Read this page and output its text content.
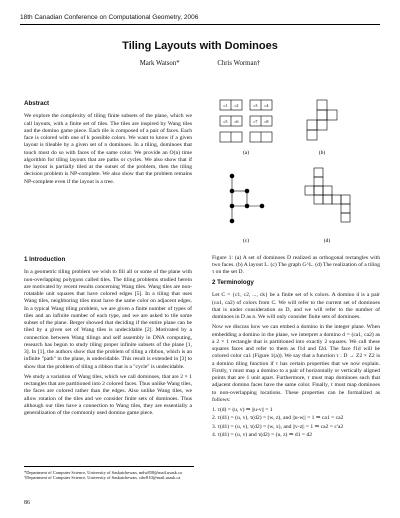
18th Canadian Conference on Computational Geometry, 2006
Tiling Layouts with Dominoes
Mark Watson*	Chris Worman†
Abstract

We explore the complexity of tiling finite subsets of the plane, which we call layouts, with a finite set of tiles. The tiles are inspired by Wang tiles and the domino game piece. Each tile is composed of a pair of faces. Each face is colored with one of k possible colors. We want to know if a given layout is tileable by a given set of n dominoes. In a tiling, dominoes that touch must do so with faces of the same color. We provide an O(n) time algorithm for tiling layouts that are paths or cycles. We also show that if the layout is partially tiled at the outset of the problem, then the tiling decision problem is NP-complete. We also show that the problem remains NP-complete even if the layout is a tree.

1 Introduction

In a geometric tiling problem we wish to fill all or some of the plane with non-overlapping polygons called tiles. The tiling problems studied herein are motivated by recent results concerning Wang tiles. Wang tiles are non-rotatable unit squares that have colored edges [5]. In a tiling that uses Wang tiles, neighboring tiles must have the same color on adjacent edges. In a typical Wang tiling problem, we are given a finite number of types of tiles and an infinite number of each type, and we are asked to tile some subset of the plane. Berger showed that deciding if the entire plane can be tiled by a given set of Wang tiles is undecidable [2]. Motivated by a connection between Wang tilings and self assembly in DNA computing, research has begun to study tiling proper infinite subsets of the plane [1, 3]. In [1], the authors show that the problem of tiling a ribbon, which is an infinite "path" in the plane, is undecidable. This result is extended in [3] to show that the problem of tiling a ribbon that is a "cycle" is undecidable.

We study a variation of Wang tiles, which we call dominoes, that are 2 × 1 rectangles that are partitioned into 2 colored faces. Thus unlike Wang tiles, the faces are colored rather than the edges. Also unlike Wang tiles, we allow rotation of the tiles and we consider finite sets of dominoes. Thus although our tiles have a connection to Wang tiles, they are essentially a generalization of the commonly used domino game piece.

*Department of Computer Science, University of Saskatchewan, mdw858@mail.usask.ca
†Department of Computer Science, University of Saskatchewan, cdw810@mail.usask.ca
86
(a)	(b)
(c)	(d)
c1 c2	c3 c4
c5 c6	c7 c8
Figure 1: (a) A set of dominoes D realized as orthogonal rectangles with two faces. (b) A layout L. (c) The graph G^L. (d) The realization of a tiling τ on the set D.
2 Terminology

Let C = {c1, c2, ..., ck} be a finite set of k colors. A domino d is a pair (ca1, ca2) of colors from C. We will refer to the current set of dominoes that is under consideration as D, and we will refer to the number of dominoes in D as n. We will only consider finite sets of dominoes.

Now we discuss how we can embed a domino in the integer plane. When embedding a domino in the plane, we interpret a domino d = (ca1, ca2) as a 2 × 1 rectangle that is partitioned into exactly 2 squares. We call these squares faces and refer to them as f1d and f2d. The face f1d will be colored color ca1 (Figure 1(a)). We say that a function τ : D → Z2 × Z2 is a domino tiling function if τ has certain properties that we now explain. Firstly, τ must map a domino to a pair of horizontally or vertically aligned points that are 1 unit apart. Furthermore, τ must map dominoes such that adjacent domino faces have the same color. Finally, τ must map dominoes to non-overlapping locations. These properties can be formalized as follows:

1. τ(d) = (u, v) ⇒ ||u-v|| = 1
2. τ(d1) = (u, v), τ(d2) = (w, z), and ||u-w|| = 1 ⇒ ca1 = ca2
3. τ(d1) = (u, v), τ(d2) = (w, x), and ||v-z|| = 1 ⇒ ca2 = c'a2
4. τ(d1) = (u, v) and τ(d2) = (u, z) ⇒ d1 = d2
